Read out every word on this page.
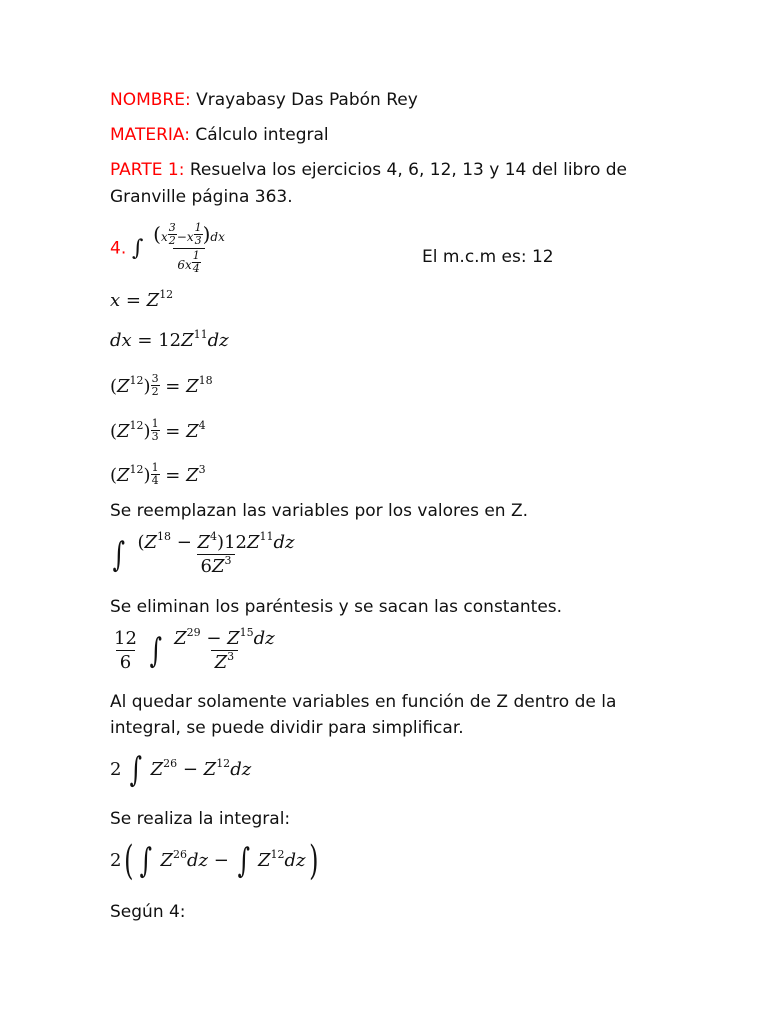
NOMBRE: Vrayabasy Das Pabón Rey
MATERIA: Cálculo integral
PARTE 1: Resuelva los ejercicios 4, 6, 12, 13 y 14 del libro de
Granville página 363.
4. ∫ $\frac{(x \frac{3}{2} -x \frac{1}{3} )dx}{6x \frac{1}{4}}$	El m.c.m es: 12
$x = Z^{12}$
dx = $12Z^{11}dz$
$(Z^{12}) \frac{3}{2} = Z^{18}$
$(Z^{12}) \frac{1}{3} = Z^4$
$(Z^{12}) \frac{1}{4} = Z^3$
Se reemplazan las variables por los valores en Z.
∫ $\frac{(Z^{18} - Z^4)12Z^{11}dz}{6Z^3}$
Se eliminan los paréntesis y se sacan las constantes.
$\frac{12}{6}$ ∫ $\frac{Z^{29} - Z^{15}dz}{Z^3}$
Al quedar solamente variables en función de Z dentro de la
integral, se puede dividir para simplificar.
2 ∫ $Z^{26} - Z^{12}dz$
Se realiza la integral:
2( ∫ $Z^{26}dz$ − ∫ $Z^{12}dz$)
Según 4:
